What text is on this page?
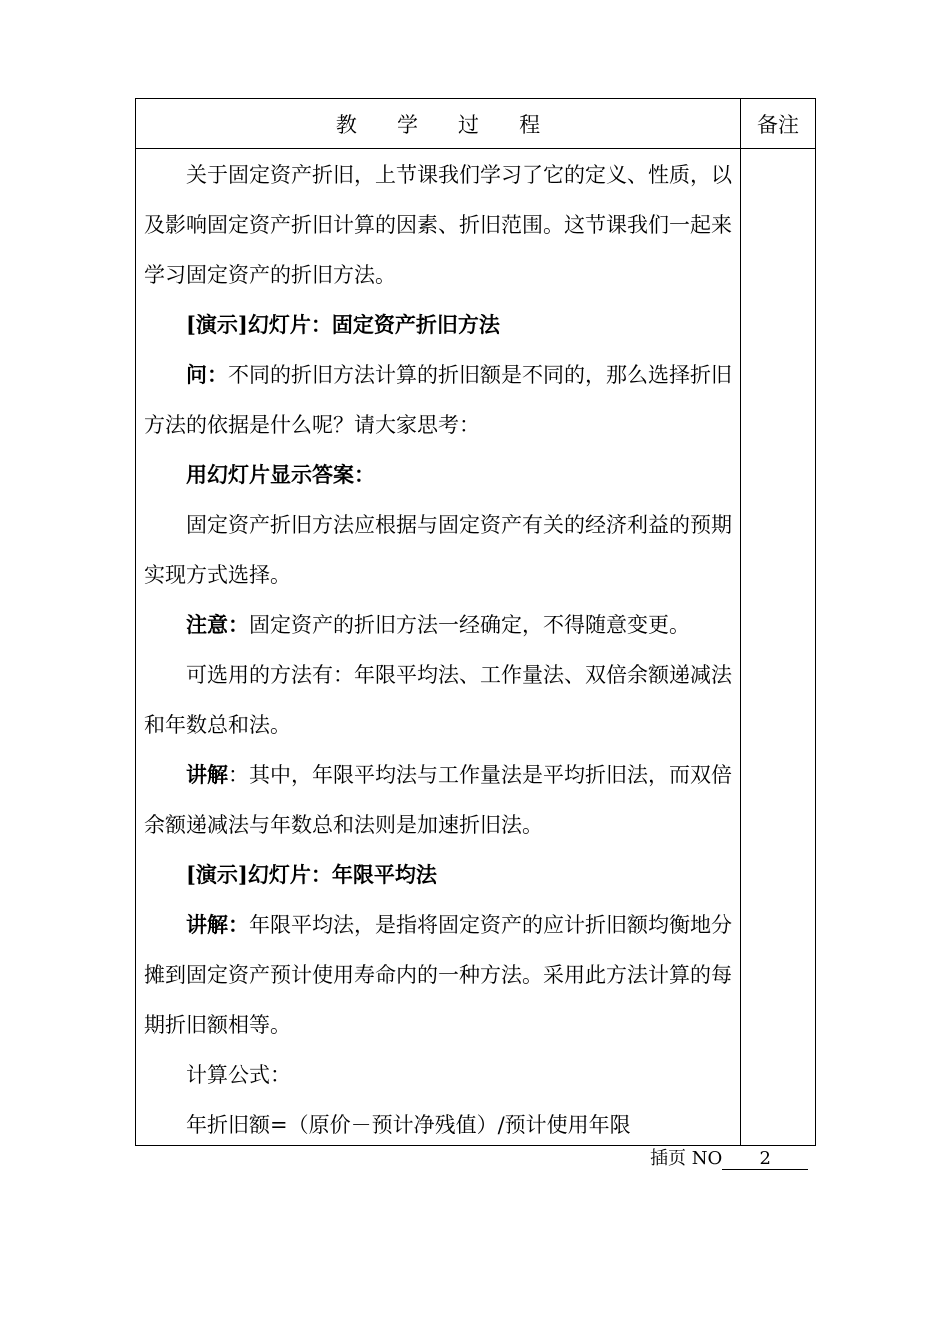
教      学      过      程	备注

关于固定资产折旧，上节课我们学习了它的定义、性质，以及影响固定资产折旧计算的因素、折旧范围。这节课我们一起来学习固定资产的折旧方法。

[演示]幻灯片：固定资产折旧方法

问：不同的折旧方法计算的折旧额是不同的，那么选择折旧方法的依据是什么呢？请大家思考：

用幻灯片显示答案：

固定资产折旧方法应根据与固定资产有关的经济利益的预期实现方式选择。

注意：固定资产的折旧方法一经确定，不得随意变更。

可选用的方法有：年限平均法、工作量法、双倍余额递减法和年数总和法。

讲解：其中，年限平均法与工作量法是平均折旧法，而双倍余额递减法与年数总和法则是加速折旧法。

[演示]幻灯片：年限平均法

讲解：年限平均法，是指将固定资产的应计折旧额均衡地分摊到固定资产预计使用寿命内的一种方法。采用此方法计算的每期折旧额相等。

计算公式：

年折旧额=（原价－预计净残值）/预计使用年限

插页 NO 2
